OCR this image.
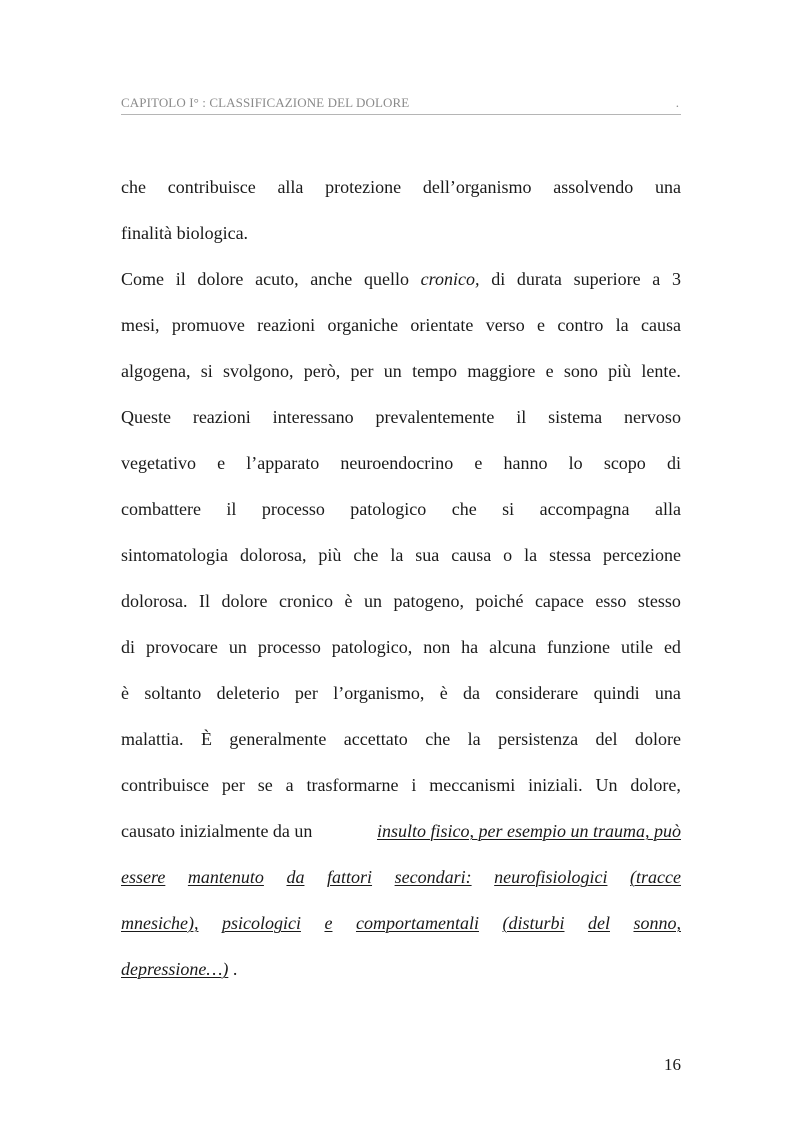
CAPITOLO I° : CLASSIFICAZIONE DEL DOLORE	.
che contribuisce alla protezione dell’organismo assolvendo una
finalità biologica.
Come il dolore acuto, anche quello cronico, di durata superiore a 3
mesi, promuove reazioni organiche orientate verso e contro la causa
algogena, si svolgono, però, per un tempo maggiore e sono più lente.
Queste reazioni interessano prevalentemente il sistema nervoso
vegetativo e l’apparato neuroendocrino e hanno lo scopo di
combattere il processo patologico che si accompagna alla
sintomatologia dolorosa, più che la sua causa o la stessa percezione
dolorosa. Il dolore cronico è un patogeno, poiché capace esso stesso
di provocare un processo patologico, non ha alcuna funzione utile ed
è soltanto deleterio per l’organismo, è da considerare quindi una
malattia. È generalmente accettato che la persistenza del dolore
contribuisce per se a trasformarne i meccanismi iniziali. Un dolore,
causato inizialmente da un	insulto fisico, per esempio un trauma, può
essere mantenuto da fattori secondari: neurofisiologici (tracce
mnesiche), psicologici e comportamentali (disturbi del sonno,
depressione…) .
16
